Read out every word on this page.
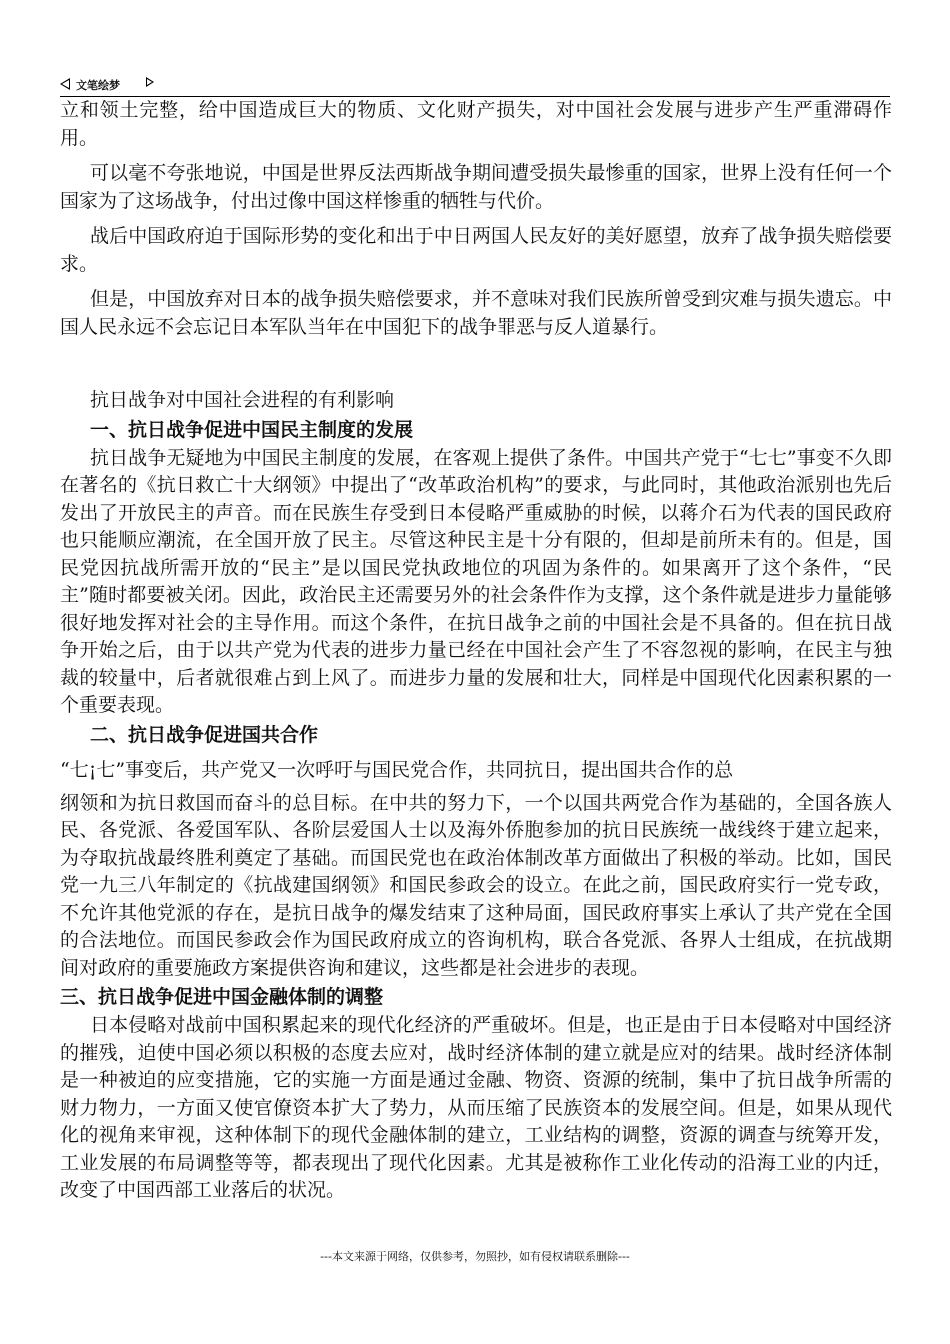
文笔绘梦

立和领土完整，给中国造成巨大的物质、文化财产损失，对中国社会发展与进步产生严重滞碍作用。

可以毫不夸张地说，中国是世界反法西斯战争期间遭受损失最惨重的国家，世界上没有任何一个国家为了这场战争，付出过像中国这样惨重的牺牲与代价。

战后中国政府迫于国际形势的变化和出于中日两国人民友好的美好愿望，放弃了战争损失赔偿要求。

但是，中国放弃对日本的战争损失赔偿要求，并不意味对我们民族所曾受到灾难与损失遗忘。中国人民永远不会忘记日本军队当年在中国犯下的战争罪恶与反人道暴行。

抗日战争对中国社会进程的有利影响

一、抗日战争促进中国民主制度的发展

抗日战争无疑地为中国民主制度的发展，在客观上提供了条件。中国共产党于“七七”事变不久即在著名的《抗日救亡十大纲领》中提出了“改革政治机构”的要求，与此同时，其他政治派别也先后发出了开放民主的声音。而在民族生存受到日本侵略严重威胁的时候，以蒋介石为代表的国民政府也只能顺应潮流，在全国开放了民主。尽管这种民主是十分有限的，但却是前所未有的。但是，国民党因抗战所需开放的“民主”是以国民党执政地位的巩固为条件的。如果离开了这个条件，“民主”随时都要被关闭。因此，政治民主还需要另外的社会条件作为支撑，这个条件就是进步力量能够很好地发挥对社会的主导作用。而这个条件，在抗日战争之前的中国社会是不具备的。但在抗日战争开始之后，由于以共产党为代表的进步力量已经在中国社会产生了不容忽视的影响，在民主与独裁的较量中，后者就很难占到上风了。而进步力量的发展和壮大，同样是中国现代化因素积累的一个重要表现。

二、抗日战争促进国共合作

“七¡七”事变后，共产党又一次呼吁与国民党合作，共同抗日，提出国共合作的总

纲领和为抗日救国而奋斗的总目标。在中共的努力下，一个以国共两党合作为基础的，全国各族人民、各党派、各爱国军队、各阶层爱国人士以及海外侨胞参加的抗日民族统一战线终于建立起来，为夺取抗战最终胜利奠定了基础。而国民党也在政治体制改革方面做出了积极的举动。比如，国民党一九三八年制定的《抗战建国纲领》和国民参政会的设立。在此之前，国民政府实行一党专政，不允许其他党派的存在，是抗日战争的爆发结束了这种局面，国民政府事实上承认了共产党在全国的合法地位。而国民参政会作为国民政府成立的咨询机构，联合各党派、各界人士组成，在抗战期间对政府的重要施政方案提供咨询和建议，这些都是社会进步的表现。

三、抗日战争促进中国金融体制的调整

日本侵略对战前中国积累起来的现代化经济的严重破坏。但是，也正是由于日本侵略对中国经济的摧残，迫使中国必须以积极的态度去应对，战时经济体制的建立就是应对的结果。战时经济体制是一种被迫的应变措施，它的实施一方面是通过金融、物资、资源的统制，集中了抗日战争所需的财力物力，一方面又使官僚资本扩大了势力，从而压缩了民族资本的发展空间。但是，如果从现代化的视角来审视，这种体制下的现代金融体制的建立，工业结构的调整，资源的调查与统筹开发，工业发展的布局调整等等，都表现出了现代化因素。尤其是被称作工业化传动的沿海工业的内迁，改变了中国西部工业落后的状况。

---本文来源于网络，仅供参考，勿照抄，如有侵权请联系删除---
